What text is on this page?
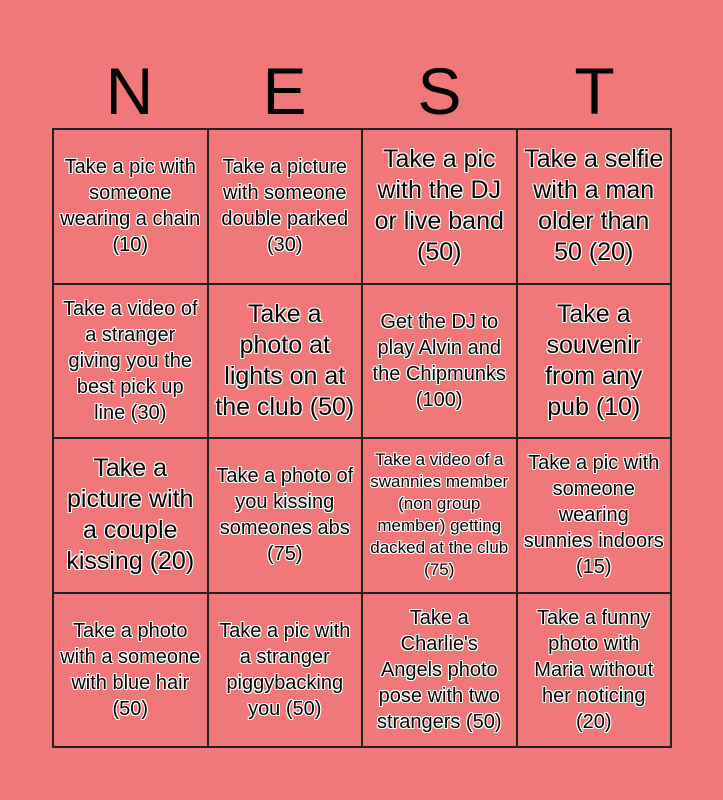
N	E	S	T
Take a pic with someone wearing a chain (10)
Take a picture with someone double parked (30)
Take a pic with the DJ or live band (50)
Take a selfie with a man older than 50 (20)
Take a video of a stranger giving you the best pick up line (30)
Take a photo at lights on at the club (50)
Get the DJ to play Alvin and the Chipmunks (100)
Take a souvenir from any pub (10)
Take a picture with a couple kissing (20)
Take a photo of you kissing someones abs (75)
Take a video of a swannies member (non group member) getting dacked at the club (75)
Take a pic with someone wearing sunnies indoors (15)
Take a photo with a someone with blue hair (50)
Take a pic with a stranger piggybacking you (50)
Take a Charlie's Angels photo pose with two strangers (50)
Take a funny photo with Maria without her noticing (20)
